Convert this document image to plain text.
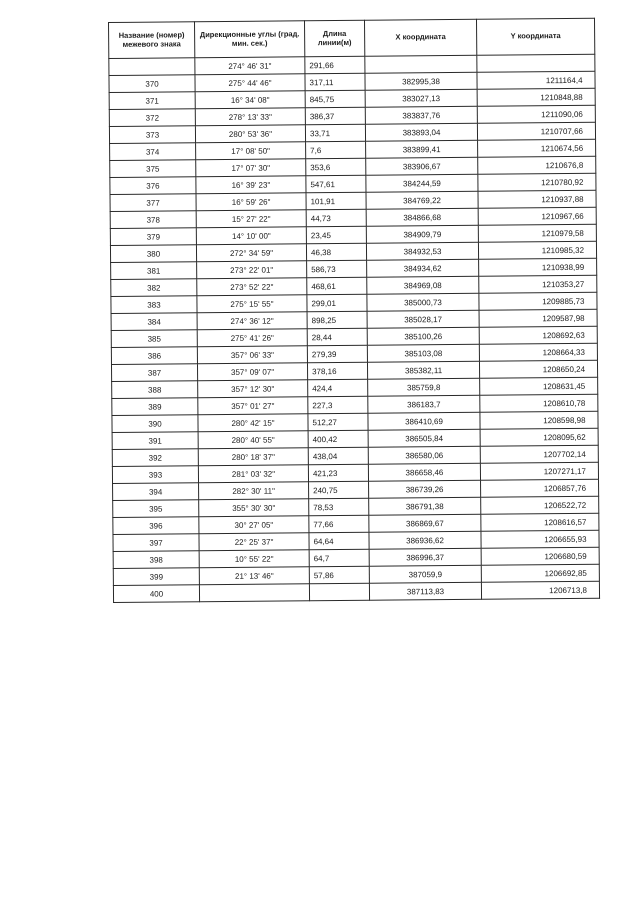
Название (номер) межевого знака	Дирекционные углы (град. мин. сек.)	Длина линии(м)	X координата	Y координата
	274° 46' 31"	291,66		
370	275° 44' 46"	317,11	382995,38	1211164,4
371	16° 34' 08"	845,75	383027,13	1210848,88
372	278° 13' 33"	386,37	383837,76	1211090,06
373	280° 53' 36"	33,71	383893,04	1210707,66
374	17° 08' 50"	7,6	383899,41	1210674,56
375	17° 07' 30"	353,6	383906,67	1210676,8
376	16° 39' 23"	547,61	384244,59	1210780,92
377	16° 59' 26"	101,91	384769,22	1210937,88
378	15° 27' 22"	44,73	384866,68	1210967,66
379	14° 10' 00"	23,45	384909,79	1210979,58
380	272° 34' 59"	46,38	384932,53	1210985,32
381	273° 22' 01"	586,73	384934,62	1210938,99
382	273° 52' 22"	468,61	384969,08	1210353,27
383	275° 15' 55"	299,01	385000,73	1209885,73
384	274° 36' 12"	898,25	385028,17	1209587,98
385	275° 41' 26"	28,44	385100,26	1208692,63
386	357° 06' 33"	279,39	385103,08	1208664,33
387	357° 09' 07"	378,16	385382,11	1208650,24
388	357° 12' 30"	424,4	385759,8	1208631,45
389	357° 01' 27"	227,3	386183,7	1208610,78
390	280° 42' 15"	512,27	386410,69	1208598,98
391	280° 40' 55"	400,42	386505,84	1208095,62
392	280° 18' 37"	438,04	386580,06	1207702,14
393	281° 03' 32"	421,23	386658,46	1207271,17
394	282° 30' 11"	240,75	386739,26	1206857,76
395	355° 30' 30"	78,53	386791,38	1206522,72
396	30° 27' 05"	77,66	386869,67	1208616,57
397	22° 25' 37"	64,64	386936,62	1206655,93
398	10° 55' 22"	64,7	386996,37	1206680,59
399	21° 13' 46"	57,86	387059,9	1206692,85
400			387113,83	1206713,8
